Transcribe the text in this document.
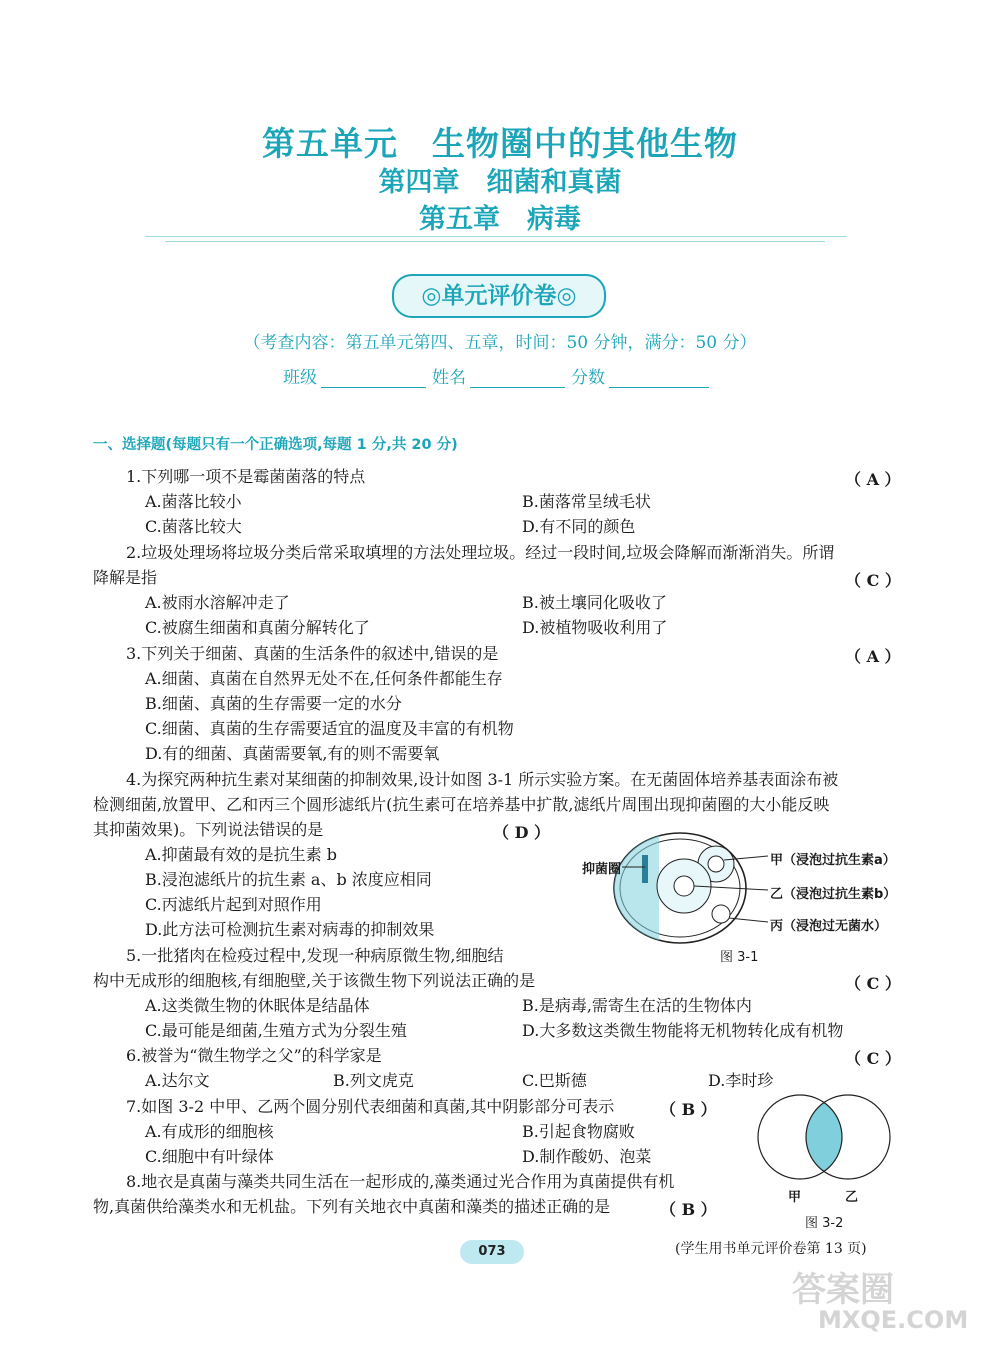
第五单元　生物圈中的其他生物
第四章　细菌和真菌
第五章　病毒
◎单元评价卷◎
（考查内容：第五单元第四、五章，时间：50 分钟，满分：50 分）
班级	姓名	分数
一、选择题(每题只有一个正确选项,每题 1 分,共 20 分)
1.下列哪一项不是霉菌菌落的特点	（ A ）
A.菌落比较小	B.菌落常呈绒毛状
C.菌落比较大	D.有不同的颜色
2.垃圾处理场将垃圾分类后常采取填埋的方法处理垃圾。经过一段时间,垃圾会降解而渐渐消失。所谓
降解是指	（ C ）
A.被雨水溶解冲走了	B.被土壤同化吸收了
C.被腐生细菌和真菌分解转化了	D.被植物吸收利用了
3.下列关于细菌、真菌的生活条件的叙述中,错误的是	（ A ）
A.细菌、真菌在自然界无处不在,任何条件都能生存
B.细菌、真菌的生存需要一定的水分
C.细菌、真菌的生存需要适宜的温度及丰富的有机物
D.有的细菌、真菌需要氧,有的则不需要氧
4.为探究两种抗生素对某细菌的抑制效果,设计如图 3-1 所示实验方案。在无菌固体培养基表面涂布被
检测细菌,放置甲、乙和丙三个圆形滤纸片(抗生素可在培养基中扩散,滤纸片周围出现抑菌圈的大小能反映
其抑菌效果)。下列说法错误的是	（ D ）
A.抑菌最有效的是抗生素 b
B.浸泡滤纸片的抗生素 a、b 浓度应相同
C.丙滤纸片起到对照作用
D.此方法可检测抗生素对病毒的抑制效果
抑菌圈
甲（浸泡过抗生素a）
乙（浸泡过抗生素b）
丙（浸泡过无菌水）
图 3-1
5.一批猪肉在检疫过程中,发现一种病原微生物,细胞结
构中无成形的细胞核,有细胞壁,关于该微生物下列说法正确的是	（ C ）
A.这类微生物的休眠体是结晶体	B.是病毒,需寄生在活的生物体内
C.最可能是细菌,生殖方式为分裂生殖	D.大多数这类微生物能将无机物转化成有机物
6.被誉为“微生物学之父”的科学家是	（ C ）
A.达尔文	B.列文虎克	C.巴斯德	D.李时珍
7.如图 3-2 中甲、乙两个圆分别代表细菌和真菌,其中阴影部分可表示	（ B ）
A.有成形的细胞核	B.引起食物腐败
C.细胞中有叶绿体	D.制作酸奶、泡菜
甲	乙
图 3-2
8.地衣是真菌与藻类共同生活在一起形成的,藻类通过光合作用为真菌提供有机
物,真菌供给藻类水和无机盐。下列有关地衣中真菌和藻类的描述正确的是	（ B ）
073	(学生用书单元评价卷第 13 页)
答案圈
MXQE.COM
